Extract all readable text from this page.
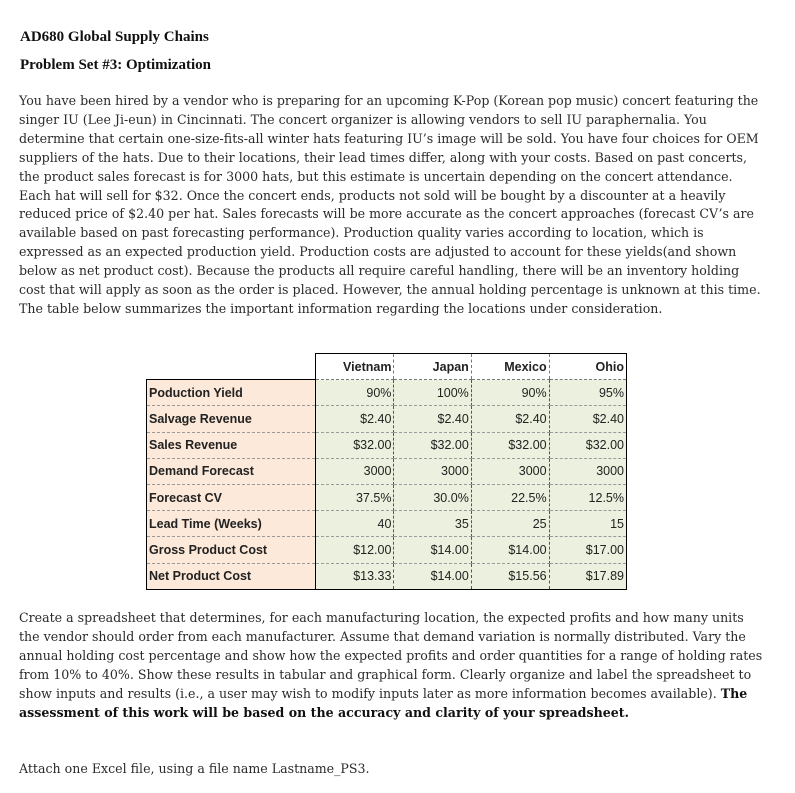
AD680 Global Supply Chains
Problem Set #3: Optimization
You have been hired by a vendor who is preparing for an upcoming K-Pop (Korean pop music) concert featuring the singer IU (Lee Ji-eun) in Cincinnati. The concert organizer is allowing vendors to sell IU paraphernalia. You determine that certain one-size-fits-all winter hats featuring IU’s image will be sold. You have four choices for OEM suppliers of the hats. Due to their locations, their lead times differ, along with your costs. Based on past concerts, the product sales forecast is for 3000 hats, but this estimate is uncertain depending on the concert attendance. Each hat will sell for $32. Once the concert ends, products not sold will be bought by a discounter at a heavily reduced price of $2.40 per hat. Sales forecasts will be more accurate as the concert approaches (forecast CV’s are available based on past forecasting performance). Production quality varies according to location, which is expressed as an expected production yield. Production costs are adjusted to account for these yields(and shown below as net product cost). Because the products all require careful handling, there will be an inventory holding cost that will apply as soon as the order is placed. However, the annual holding percentage is unknown at this time. The table below summarizes the important information regarding the locations under consideration.
	Vietnam	Japan	Mexico	Ohio
Poduction Yield	90%	100%	90%	95%
Salvage Revenue	$2.40	$2.40	$2.40	$2.40
Sales Revenue	$32.00	$32.00	$32.00	$32.00
Demand Forecast	3000	3000	3000	3000
Forecast CV	37.5%	30.0%	22.5%	12.5%
Lead Time (Weeks)	40	35	25	15
Gross Product Cost	$12.00	$14.00	$14.00	$17.00
Net Product Cost	$13.33	$14.00	$15.56	$17.89
Create a spreadsheet that determines, for each manufacturing location, the expected profits and how many units the vendor should order from each manufacturer. Assume that demand variation is normally distributed. Vary the annual holding cost percentage and show how the expected profits and order quantities for a range of holding rates from 10% to 40%. Show these results in tabular and graphical form. Clearly organize and label the spreadsheet to show inputs and results (i.e., a user may wish to modify inputs later as more information becomes available). The assessment of this work will be based on the accuracy and clarity of your spreadsheet.
Attach one Excel file, using a file name Lastname_PS3.
